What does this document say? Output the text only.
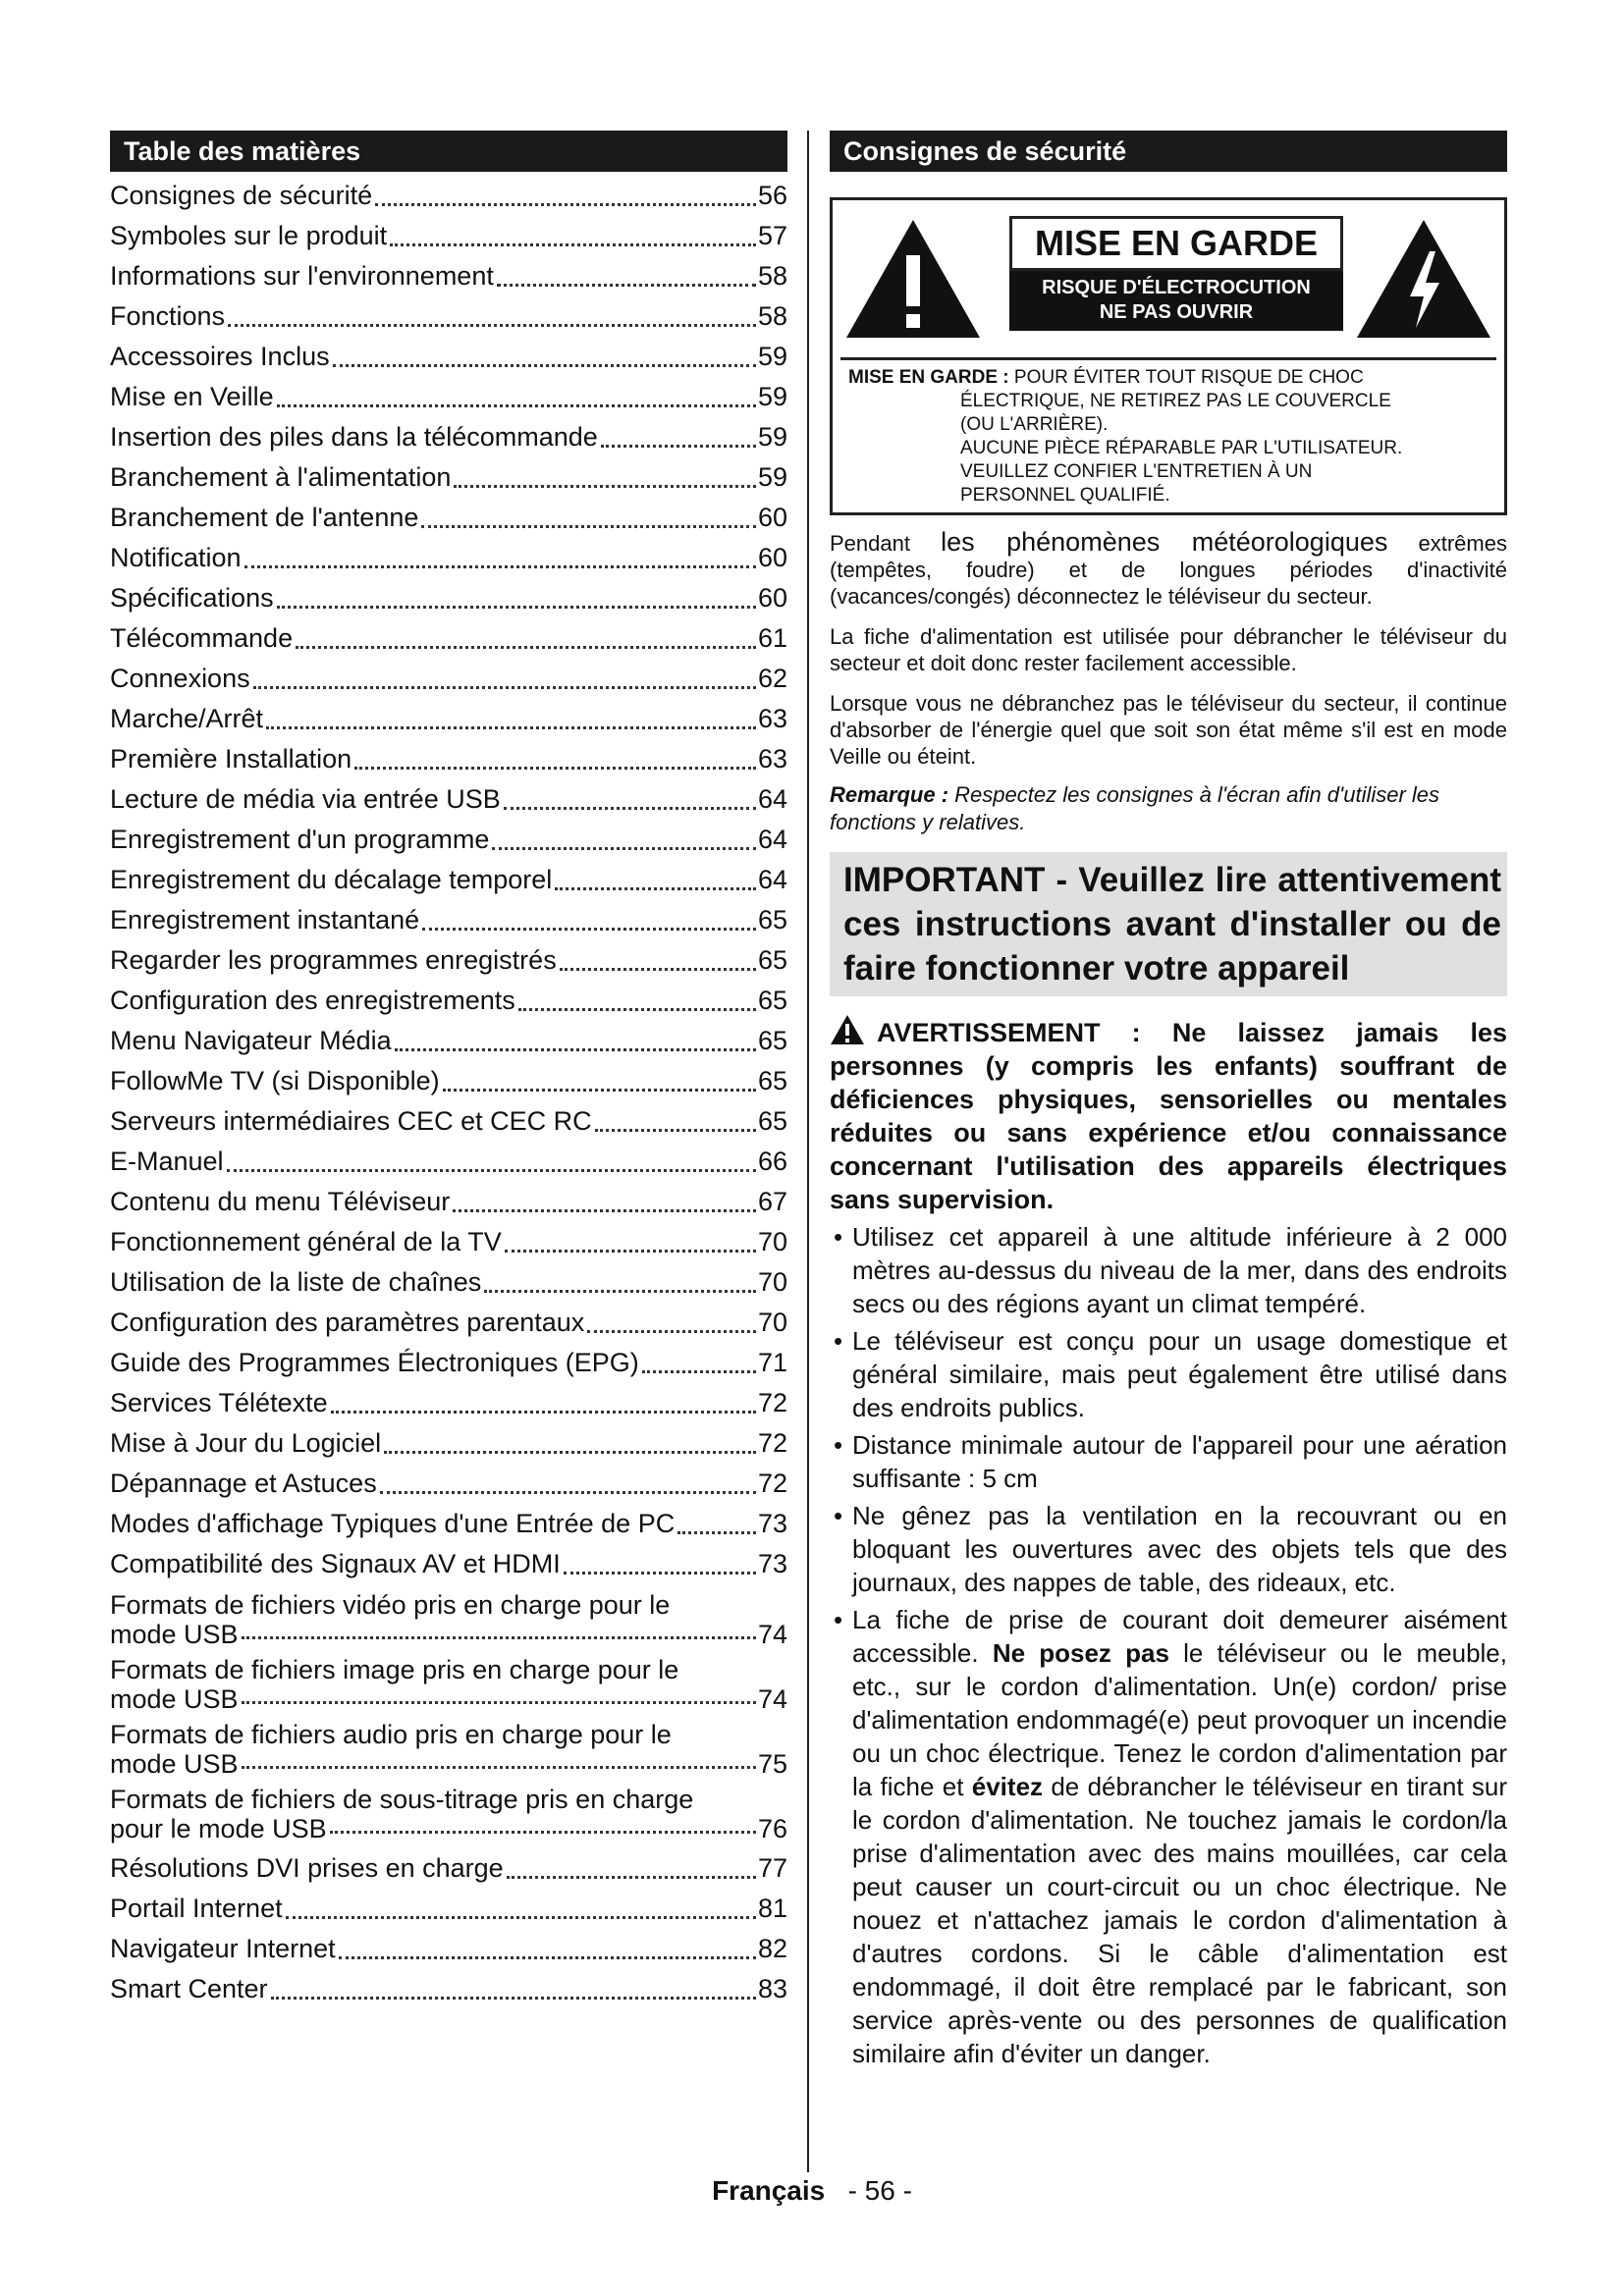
Table des matières
Consignes de sécurité	56
Symboles sur le produit	57
Informations sur l'environnement	58
Fonctions	58
Accessoires Inclus	59
Mise en Veille	59
Insertion des piles dans la télécommande	59
Branchement à l'alimentation	59
Branchement de l'antenne	60
Notification	60
Spécifications	60
Télécommande	61
Connexions	62
Marche/Arrêt	63
Première Installation	63
Lecture de média via entrée USB	64
Enregistrement d'un programme	64
Enregistrement du décalage temporel	64
Enregistrement instantané	65
Regarder les programmes enregistrés	65
Configuration des enregistrements	65
Menu Navigateur Média	65
FollowMe TV (si Disponible)	65
Serveurs intermédiaires CEC et CEC RC	65
E-Manuel	66
Contenu du menu Téléviseur	67
Fonctionnement général de la TV	70
Utilisation de la liste de chaînes	70
Configuration des paramètres parentaux	70
Guide des Programmes Électroniques (EPG)	71
Services Télétexte	72
Mise à Jour du Logiciel	72
Dépannage et Astuces	72
Modes d'affichage Typiques d'une Entrée de PC	73
Compatibilité des Signaux AV et HDMI	73
Formats de fichiers vidéo pris en charge pour le
mode USB	74
Formats de fichiers image pris en charge pour le
mode USB	74
Formats de fichiers audio pris en charge pour le
mode USB	75
Formats de fichiers de sous-titrage pris en charge
pour le mode USB	76
Résolutions DVI prises en charge	77
Portail Internet	81
Navigateur Internet	82
Smart Center	83
Consignes de sécurité
MISE EN GARDE
RISQUE D'ÉLECTROCUTION
NE PAS OUVRIR
MISE EN GARDE : POUR ÉVITER TOUT RISQUE DE CHOC
ÉLECTRIQUE, NE RETIREZ PAS LE COUVERCLE
(OU L'ARRIÈRE).
AUCUNE PIÈCE RÉPARABLE PAR L'UTILISATEUR.
VEUILLEZ CONFIER L'ENTRETIEN À UN
PERSONNEL QUALIFIÉ.
Pendant les phénomènes météorologiques extrêmes (tempêtes, foudre) et de longues périodes d'inactivité (vacances/congés) déconnectez le téléviseur du secteur.
La fiche d'alimentation est utilisée pour débrancher le téléviseur du secteur et doit donc rester facilement accessible.
Lorsque vous ne débranchez pas le téléviseur du secteur, il continue d'absorber de l'énergie quel que soit son état même s'il est en mode Veille ou éteint.
Remarque : Respectez les consignes à l'écran afin d'utiliser les fonctions y relatives.
IMPORTANT - Veuillez lire attentivement ces instructions avant d'installer ou de faire fonctionner votre appareil
AVERTISSEMENT : Ne laissez jamais les personnes (y compris les enfants) souffrant de déficiences physiques, sensorielles ou mentales réduites ou sans expérience et/ou connaissance concernant l'utilisation des appareils électriques sans supervision.
• Utilisez cet appareil à une altitude inférieure à 2 000 mètres au-dessus du niveau de la mer, dans des endroits secs ou des régions ayant un climat tempéré.
• Le téléviseur est conçu pour un usage domestique et général similaire, mais peut également être utilisé dans des endroits publics.
• Distance minimale autour de l'appareil pour une aération suffisante : 5 cm
• Ne gênez pas la ventilation en la recouvrant ou en bloquant les ouvertures avec des objets tels que des journaux, des nappes de table, des rideaux, etc.
• La fiche de prise de courant doit demeurer aisément accessible. Ne posez pas le téléviseur ou le meuble, etc., sur le cordon d'alimentation. Un(e) cordon/ prise d'alimentation endommagé(e) peut provoquer un incendie ou un choc électrique. Tenez le cordon d'alimentation par la fiche et évitez de débrancher le téléviseur en tirant sur le cordon d'alimentation. Ne touchez jamais le cordon/la prise d'alimentation avec des mains mouillées, car cela peut causer un court-circuit ou un choc électrique. Ne nouez et n'attachez jamais le cordon d'alimentation à d'autres cordons. Si le câble d'alimentation est endommagé, il doit être remplacé par le fabricant, son service après-vente ou des personnes de qualification similaire afin d'éviter un danger.
Français - 56 -
